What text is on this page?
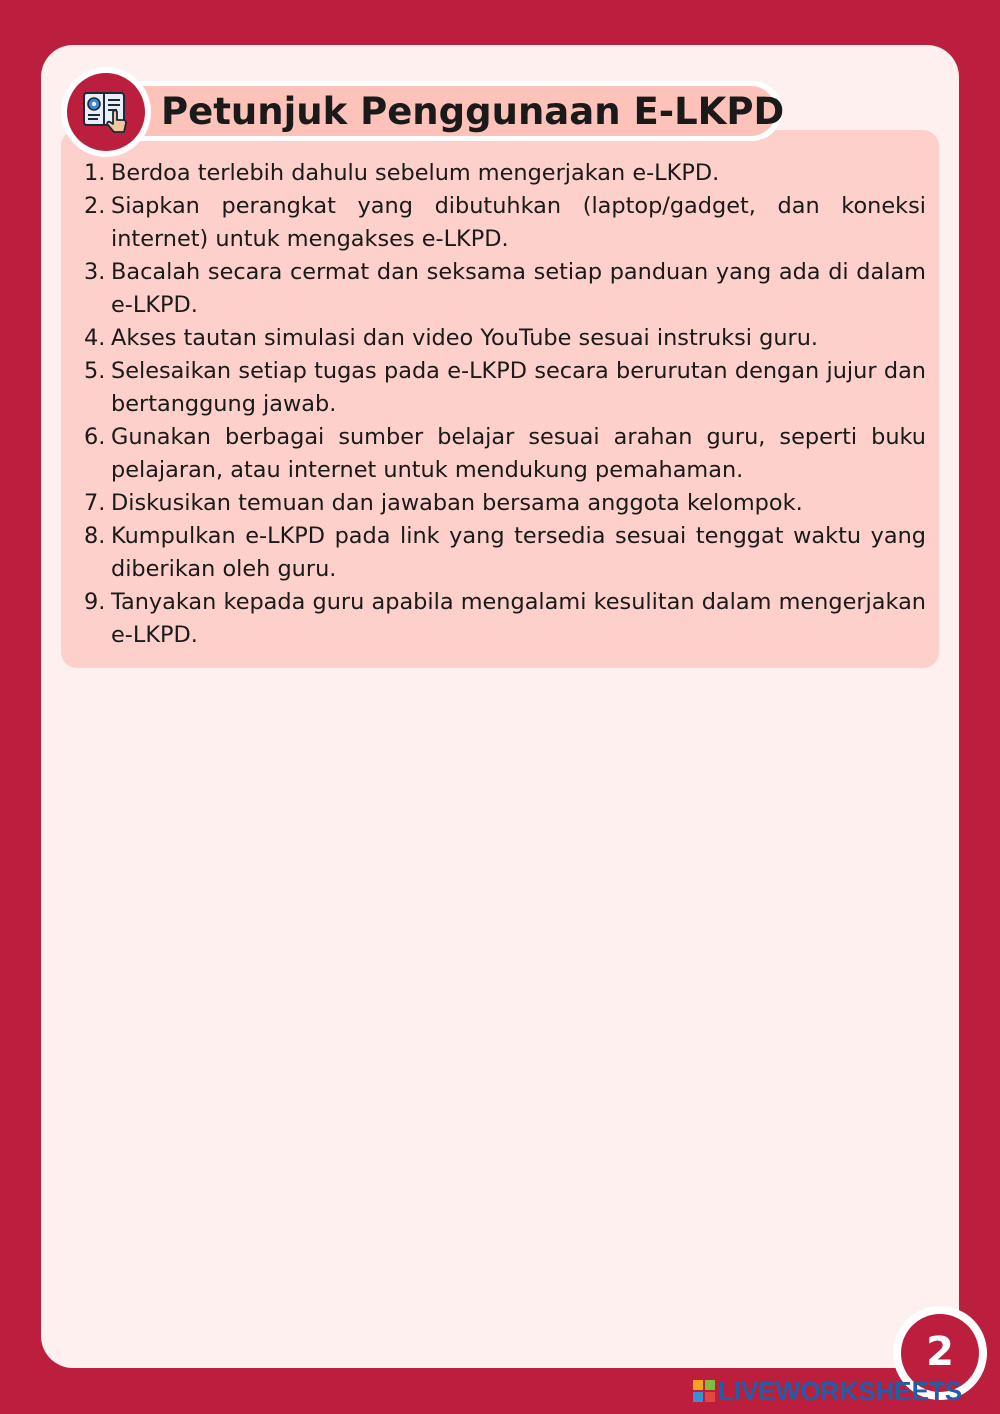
Petunjuk Penggunaan E-LKPD
1. Berdoa terlebih dahulu sebelum mengerjakan e-LKPD.
2. Siapkan perangkat yang dibutuhkan (laptop/gadget, dan koneksi internet) untuk mengakses e-LKPD.
3. Bacalah secara cermat dan seksama setiap panduan yang ada di dalam e-LKPD.
4. Akses tautan simulasi dan video YouTube sesuai instruksi guru.
5. Selesaikan setiap tugas pada e-LKPD secara berurutan dengan jujur dan bertanggung jawab.
6. Gunakan berbagai sumber belajar sesuai arahan guru, seperti buku pelajaran, atau internet untuk mendukung pemahaman.
7. Diskusikan temuan dan jawaban bersama anggota kelompok.
8. Kumpulkan e-LKPD pada link yang tersedia sesuai tenggat waktu yang diberikan oleh guru.
9. Tanyakan kepada guru apabila mengalami kesulitan dalam mengerjakan e-LKPD.
2
LIVEWORKSHEETS
